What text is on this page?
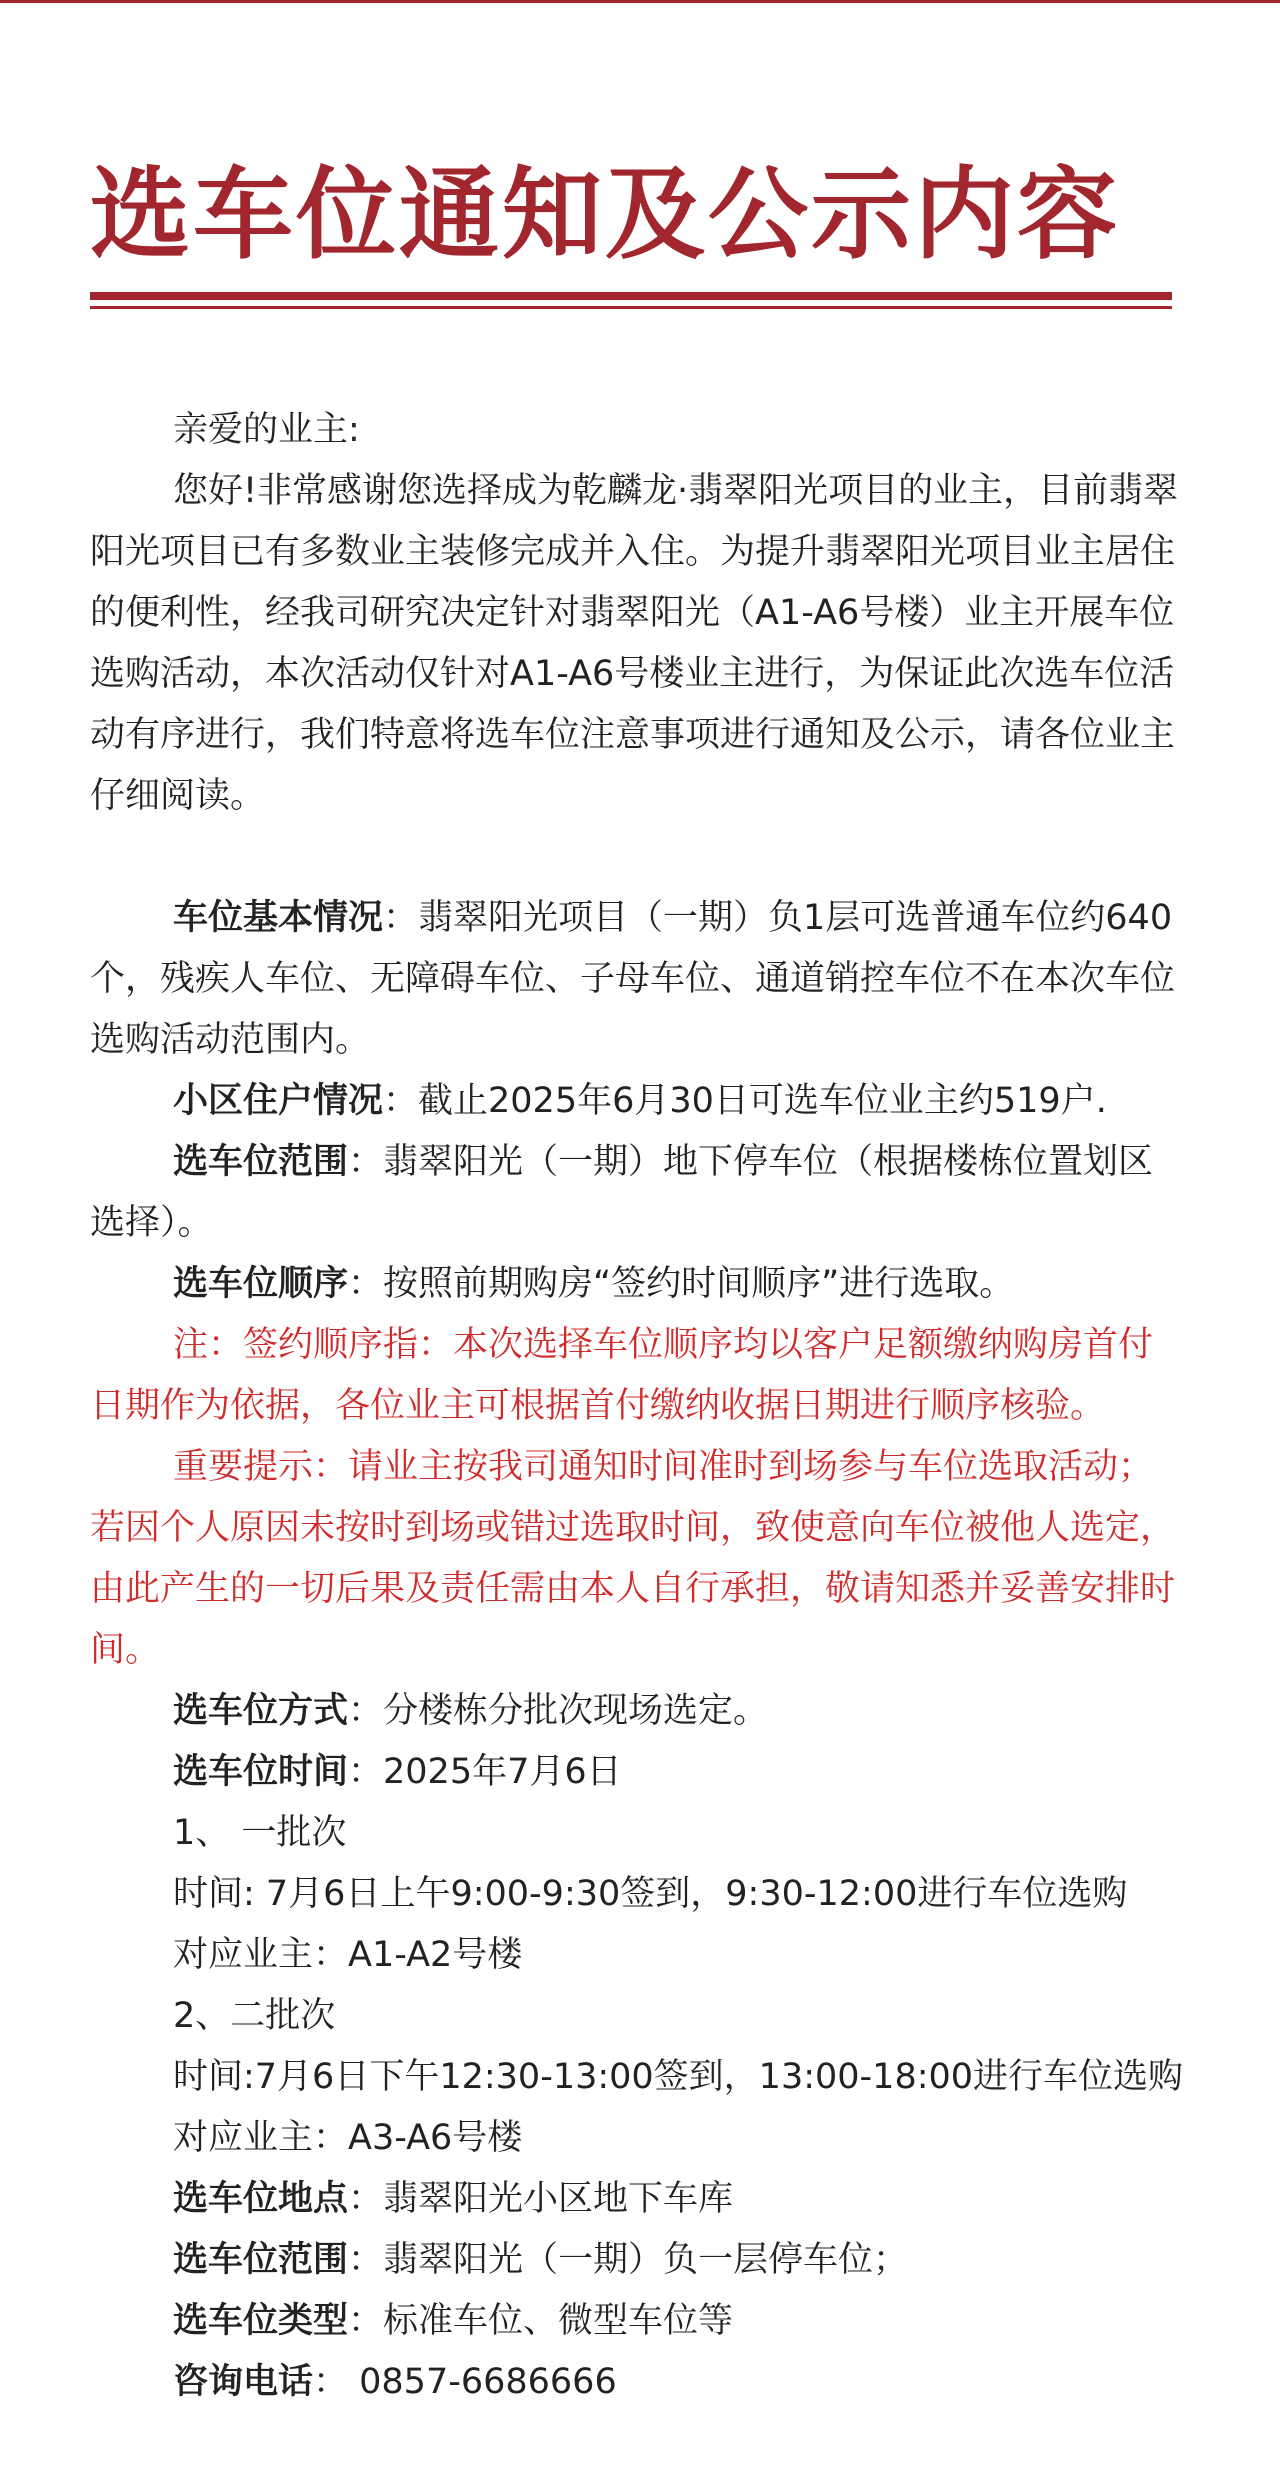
选车位通知及公示内容

亲爱的业主:

您好!非常感谢您选择成为乾麟龙·翡翠阳光项目的业主，目前翡翠阳光项目已有多数业主装修完成并入住。为提升翡翠阳光项目业主居住的便利性，经我司研究决定针对翡翠阳光（A1-A6号楼）业主开展车位选购活动，本次活动仅针对A1-A6号楼业主进行，为保证此次选车位活动有序进行，我们特意将选车位注意事项进行通知及公示，请各位业主仔细阅读。

车位基本情况：翡翠阳光项目（一期）负1层可选普通车位约640个，残疾人车位、无障碍车位、子母车位、通道销控车位不在本次车位选购活动范围内。

小区住户情况：截止2025年6月30日可选车位业主约519户.

选车位范围：翡翠阳光（一期）地下停车位（根据楼栋位置划区选择）。

选车位顺序：按照前期购房“签约时间顺序”进行选取。

注：签约顺序指：本次选择车位顺序均以客户足额缴纳购房首付日期作为依据，各位业主可根据首付缴纳收据日期进行顺序核验。

重要提示：请业主按我司通知时间准时到场参与车位选取活动；若因个人原因未按时到场或错过选取时间，致使意向车位被他人选定，由此产生的一切后果及责任需由本人自行承担，敬请知悉并妥善安排时间。

选车位方式：分楼栋分批次现场选定。

选车位时间：2025年7月6日

1、 一批次

时间: 7月6日上午9:00-9:30签到，9:30-12:00进行车位选购

对应业主：A1-A2号楼

2、二批次

时间:7月6日下午12:30-13:00签到，13:00-18:00进行车位选购

对应业主：A3-A6号楼

选车位地点：翡翠阳光小区地下车库

选车位范围：翡翠阳光（一期）负一层停车位；

选车位类型：标准车位、微型车位等

咨询电话： 0857-6686666
